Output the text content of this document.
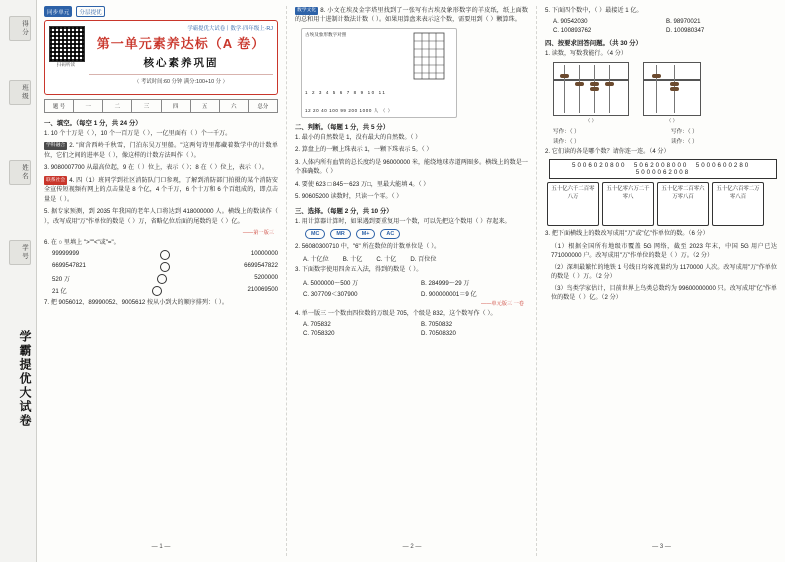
学霸提优大试卷
班级
姓名
学号
得分
同步单元	分层提优
扫码听读
学霸提优大试卷丨数学·四年级上·RJ
第一单元素养达标（A 卷）
核心素养巩固
（ 考试时间:60 分钟 满分:100+10 分 ）
题 号	一	二	三	四	五	六	总分
一、填空。（每空 1 分，共 24 分）
1. 10 个十万是（ ），10 个一百万是（ ），一亿里面有（ ）个一千万。
学科融合 2. "窗含西岭千秋雪，门泊东吴万里船。"这两句诗里都藏着数学中的计数单位，它们之间的进率是（ ），像这样的计数方法叫作（ ）。
3. 9080007700 从最高位起，9 在（ ）位上，表示（ ）；8 在（ ）位上，表示（ ）。
联系社会 4. 四（1）班同学到社区消防队门口参观，了解到消防部门拍摄的某个消防安全宣传短视频有网上的点击量是 8 个亿，4 个千万，6 个十万和 6 个百组成的，即点击量是（ ）。
5. 据专家预测，到 2035 年我国的老年人口将达到 418000000 人。横线上的数读作（ ），改写成用"万"作单位的数是（ ）万，省略亿位后面的尾数约是（ ）亿。
——第一版三
6. 在 ○ 里填上 ">""<"或"="。
99999999	10000000
6699547821	6699547822
520 万	5200000
21 亿	210069500
7. 把 9056012、89990052、9005612 按从小到大的顺序排列：（ ）。
— 1 —
数学文化 8. 小文在埃及金字塔里找到了一张写有古埃及象形数字的羊皮纸，纸上面数的总和用十进制计数法计数（ ）。如果用算盘来表示这个数，需要用到（ ）颗算珠。
古埃及象形数字对照
1 2 3 4 5 6 7 8 9 10 11
12 20 40 100 99 200 1000 人 （ ）
二、判断。（每题 1 分，共 5 分）
1. 最小的自然数是 1，没有最大的自然数。（ ）
2. 算盘上的一颗上珠表示 1，一颗下珠表示 5。（ ）
3. 人体内所有血管的总长度约是 96000000 米，能绕地球赤道两圈多。横线上的数是一个准确数。（ ）
4. 要使 623 □ 845～623 万□，里最大能填 4。（ ）
5. 90605200 读数时，只读一个零。（ ）
三、选择。（每题 2 分，共 10 分）
1. 用计算器计算时，如果遇到要重复用一个数，可以先把这个数用（ ）存起来。
MC	MR	M+	AC
2. 56080300710 中，"6" 所在数位的计数单位是（ ）。
A. 十亿位 B. 十亿 C. 十亿 D. 百位位
3. 下面数字使用四舍五入法，得到的数是（ ）。
A. 5000000～500 万	B. 284999～29 万
C. 307709＜307900	D. 900000001＝9 亿
——单元版三 一卷
4. 单一版三 一个数由四位数的万级是 705，个级是 832，这个数写作（ ）。
A. 705832	B. 7050832
C. 7058320	D. 70508320
— 2 —
5. 下面四个数中，（ ）最接近 1 亿。
A. 90542030	B. 98970021
C. 100893762	D. 100980347
四、按要求回答问题。（共 30 分）
1. 读数，写数我能行。（4 分）
（ ）	（ ）
写作：（ ）	写作：（ ）
读作：（ ）	读作：（ ）
2. 它们读的各是哪个数？请你连一连。（4 分）
5006020800 5062008000 5000600280  5000062008
五十亿六千二百零八万
五十亿零六万二千零八
五十亿零二百零六万零八百
五十亿六百零二万零八百
3. 把下面横线上的数改写成用"万"或"亿"作单位的数。（6 分）
（1）根据全国所有地级市覆盖 5G 网络，截至 2023 年末，中国 5G 用户已达 771000000 户。改写成用"万"作单位的数是（ ）万。（2 分）
（2）深圳最繁忙的地铁 1 号线日均客流量约为 1170000 人次。改写成用"万"作单位的数是（ ）万。（2 分）
（3）鸟类学家估计，目前世界上鸟类总数约为 99600000000 只。改写成用"亿"作单位的数是（ ）亿。（2 分）
— 3 —
